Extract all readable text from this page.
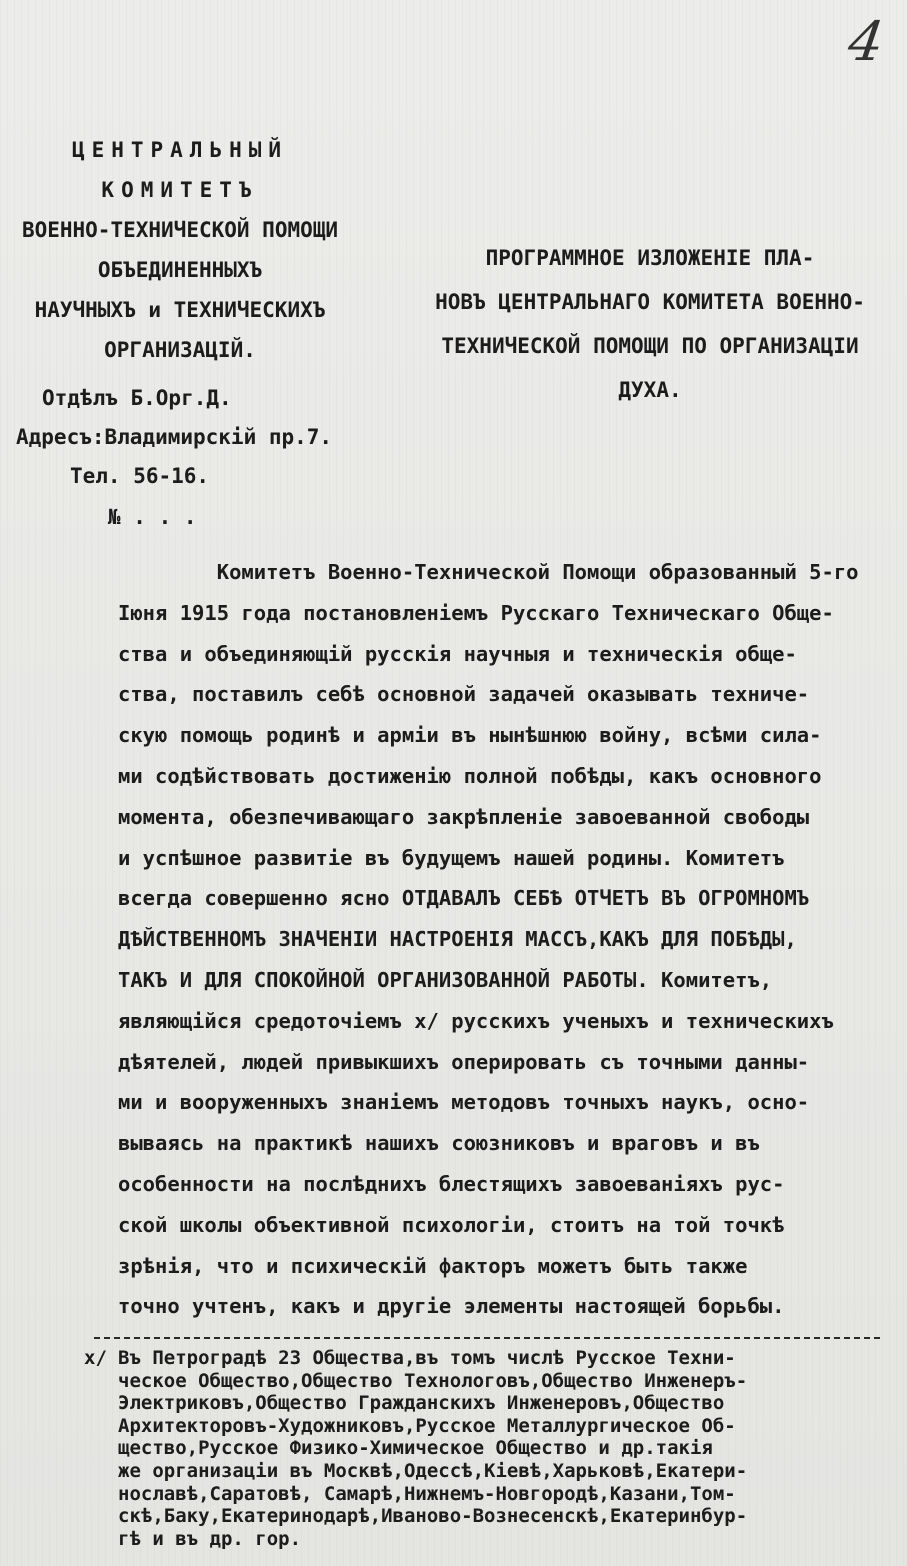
4
ЦЕНТРАЛЬНЫЙ
КОМИТЕТЪ
ВОЕННО-ТЕХНИЧЕСКОЙ ПОМОЩИ
ОБЪЕДИНЕННЫХЪ
НАУЧНЫХЪ и ТЕХНИЧЕСКИХЪ
ОРГАНИЗАЦІЙ.
Отдѣлъ Б.Орг.Д.
Адресъ:Владимирскій пр.7.
Тел. 56-16.
№ . . .
ПРОГРАММНОЕ ИЗЛОЖЕНІЕ ПЛА-
НОВЪ ЦЕНТРАЛЬНАГО КОМИТЕТА ВОЕННО-
ТЕХНИЧЕСКОЙ ПОМОЩИ ПО ОРГАНИЗАЦІИ
ДУХА.

Комитетъ Военно-Технической Помощи образованный 5-го

Іюня 1915 года постановленіемъ Русскаго Техническаго Обще-

ства и объединяющій русскія научныя и техническія обще-

ства, поставилъ себѣ основной задачей оказывать техниче-

скую помощь родинѣ и арміи въ нынѣшнюю войну, всѣми сила-

ми содѣйствовать достиженію полной побѣды, какъ основного

момента, обезпечивающаго закрѣпленіе завоеванной свободы

и успѣшное развитіе въ будущемъ нашей родины. Комитетъ

всегда совершенно ясно ОТДАВАЛЪ СЕБѢ ОТЧЕТЪ ВЪ ОГРОМНОМЪ

ДѢЙСТВЕННОМЪ ЗНАЧЕНІИ НАСТРОЕНІЯ МАССЪ,КАКЪ ДЛЯ ПОБѢДЫ,

ТАКЪ И ДЛЯ СПОКОЙНОЙ ОРГАНИЗОВАННОЙ РАБОТЫ. Комитетъ,

являющійся средоточіемъ х/ русскихъ ученыхъ и техническихъ

дѣятелей, людей привыкшихъ оперировать съ точными данны-

ми и вооруженныхъ знаніемъ методовъ точныхъ наукъ, осно-

вываясь на практикѣ нашихъ союзниковъ и враговъ и въ

особенности на послѣднихъ блестящихъ завоеваніяхъ рус-

ской школы объективной психологіи, стоитъ на той точкѣ

зрѣнія, что и психическій факторъ можетъ быть также

точно учтенъ, какъ и другіе элементы настоящей борьбы.

х/ Въ Петроградѣ 23 Общества,въ томъ числѣ Русское Техни-

ческое Общество,Общество Технологовъ,Общество Инженеръ-

Электриковъ,Общество Гражданскихъ Инженеровъ,Общество

Архитекторовъ-Художниковъ,Русское Металлургическое Об-

щество,Русское Физико-Химическое Общество и др.такія

же организаціи въ Москвѣ,Одессѣ,Кіевѣ,Харьковѣ,Екатери-

нославѣ,Саратовѣ, Самарѣ,Нижнемъ-Новгородѣ,Казани,Том-

скѣ,Баку,Екатеринодарѣ,Иваново-Вознесенскѣ,Екатеринбур-

гѣ и въ др. гор.
